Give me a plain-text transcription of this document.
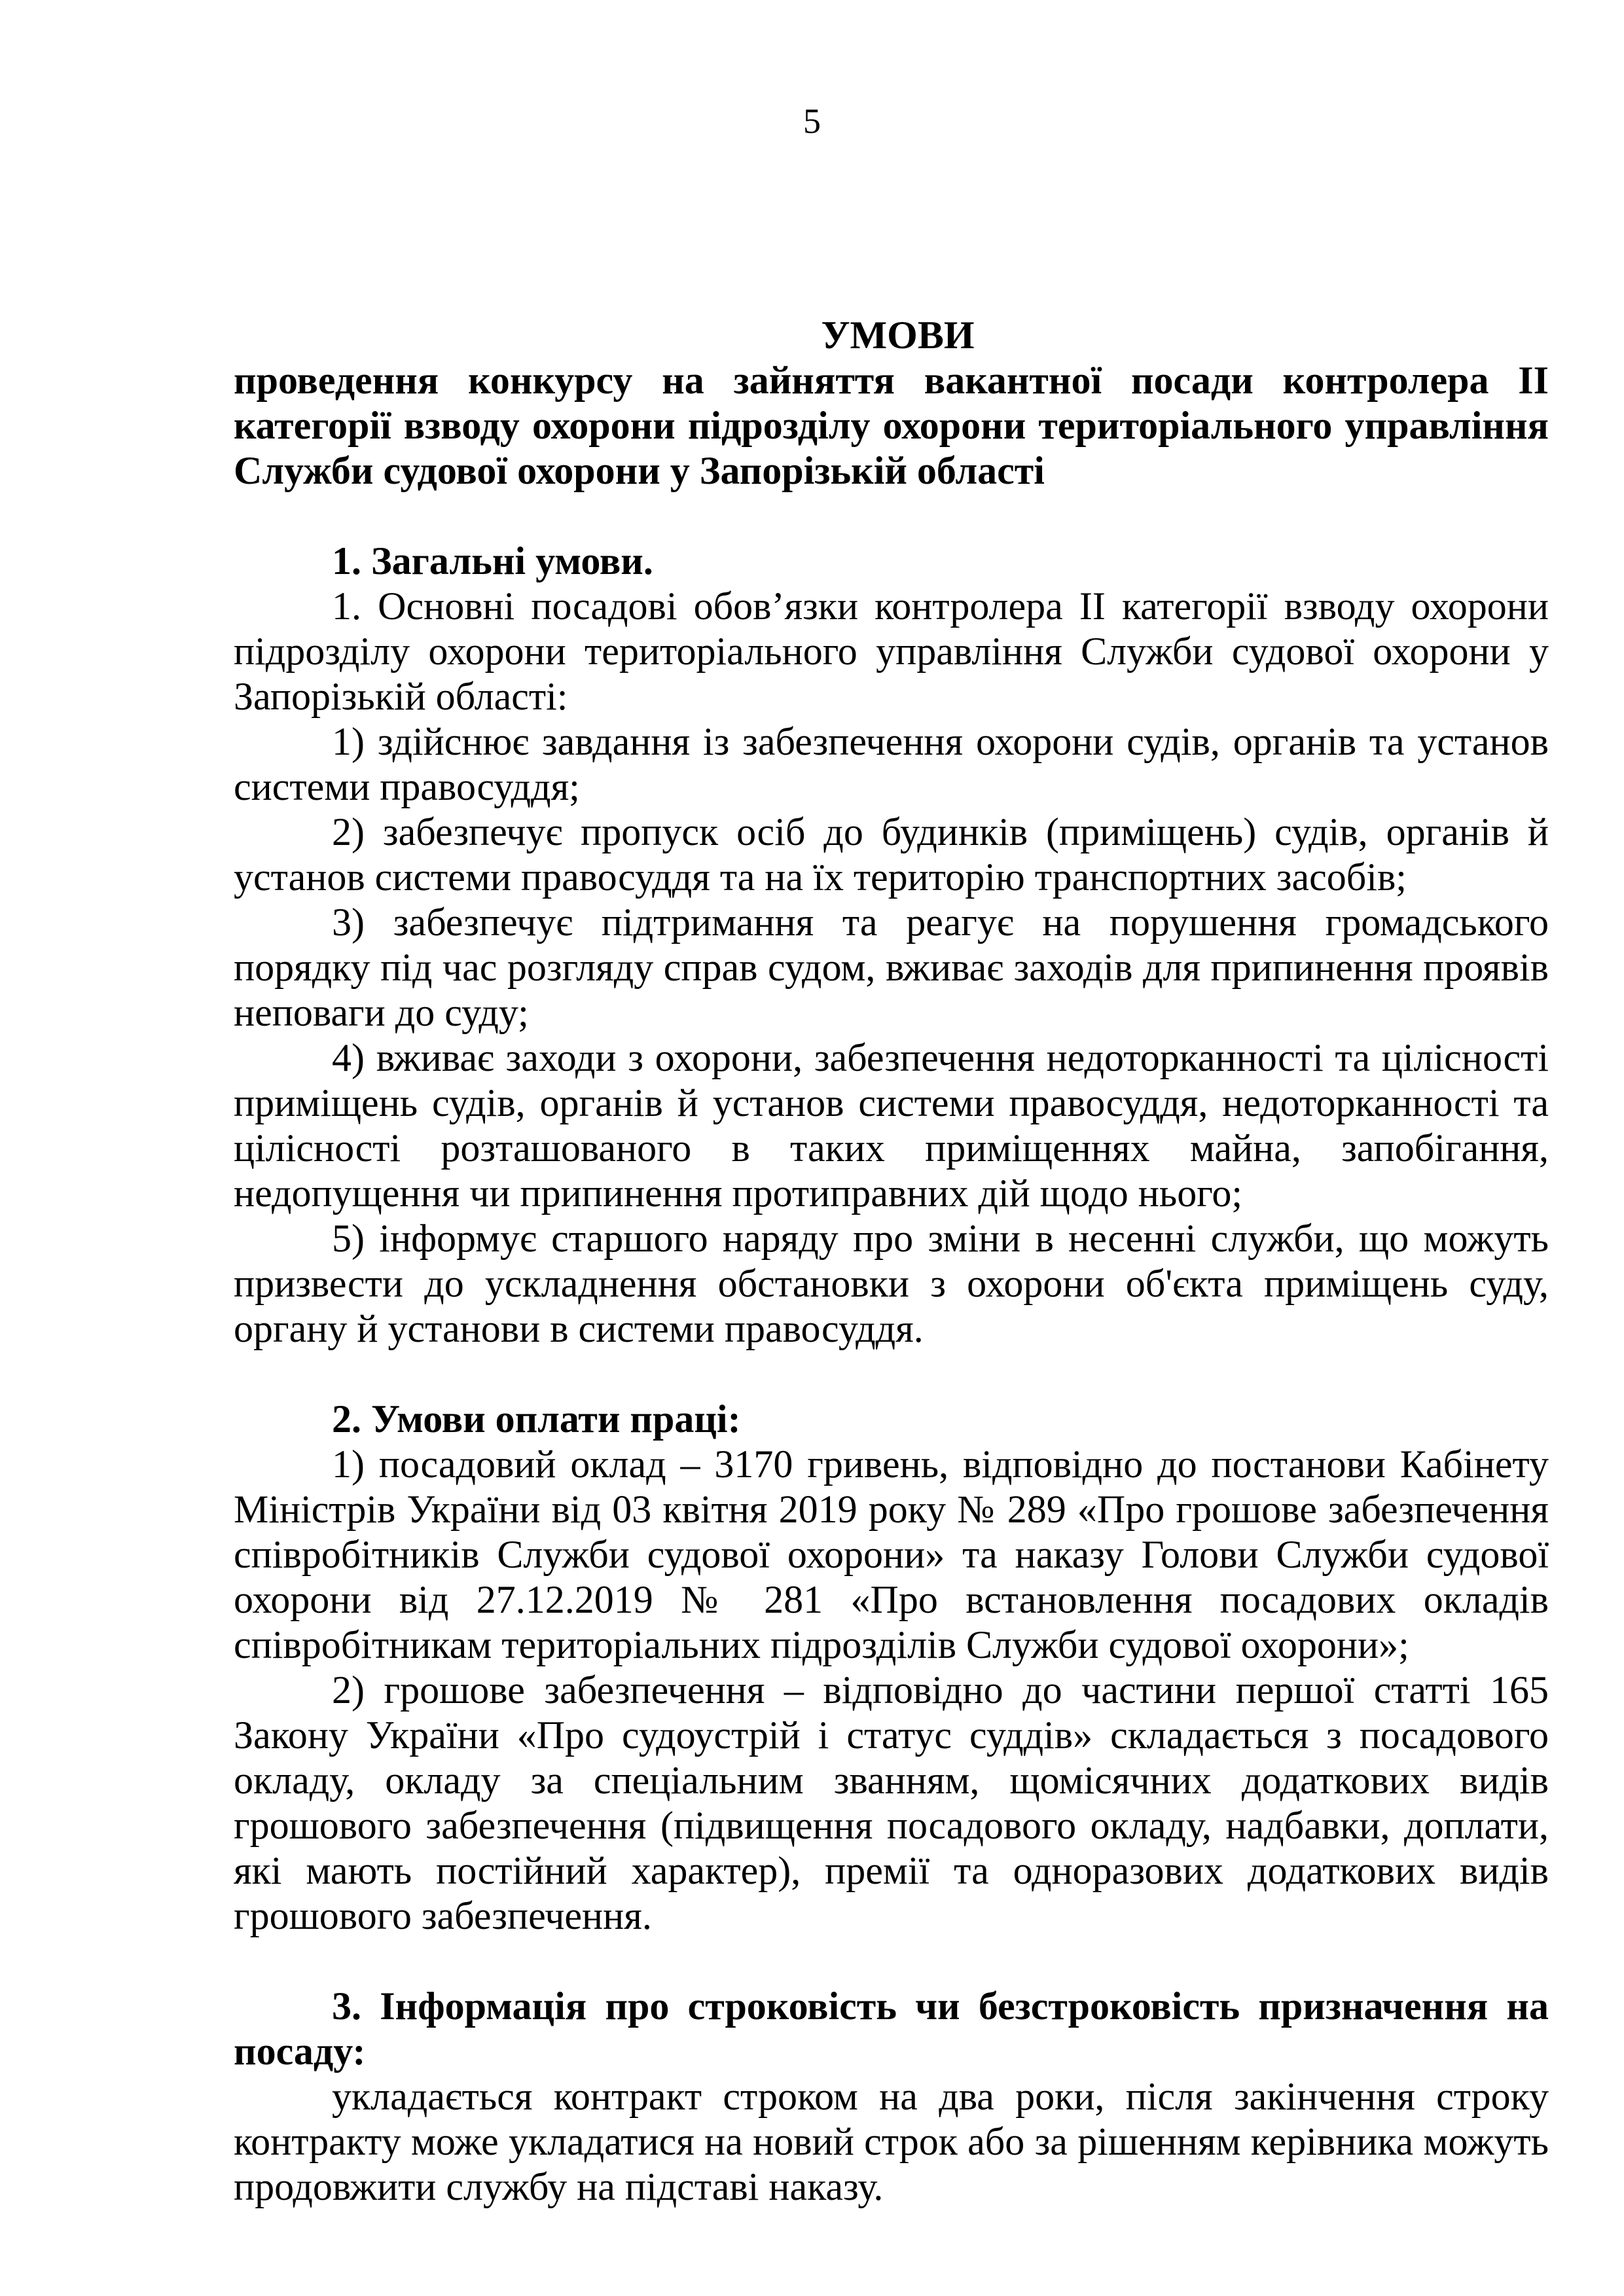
5

УМОВИ

проведення конкурсу на зайняття вакантної посади контролера ІІ категорії взводу охорони підрозділу охорони територіального управління Служби судової охорони у Запорізькій області

1. Загальні умови.

1. Основні посадові обов’язки контролера ІІ категорії взводу охорони підрозділу охорони територіального управління Служби судової охорони у Запорізькій області:

1) здійснює завдання із забезпечення охорони судів, органів та установ системи правосуддя;

2) забезпечує пропуск осіб до будинків (приміщень) судів, органів й установ системи правосуддя та на їх територію транспортних засобів;

3) забезпечує підтримання та реагує на порушення громадського порядку під час розгляду справ судом, вживає заходів для припинення проявів неповаги до суду;

4) вживає заходи з охорони, забезпечення недоторканності та цілісності приміщень судів, органів й установ системи правосуддя, недоторканності та цілісності розташованого в таких приміщеннях майна, запобігання, недопущення чи припинення протиправних дій щодо нього;

5) інформує старшого наряду про зміни в несенні служби, що можуть призвести до ускладнення обстановки з охорони об'єкта приміщень суду, органу й установи в системи правосуддя.

2. Умови оплати праці:

1) посадовий оклад – 3170 гривень, відповідно до постанови Кабінету Міністрів України від 03 квітня 2019 року № 289 «Про грошове забезпечення співробітників Служби судової охорони» та наказу Голови Служби судової охорони від 27.12.2019 № 281 «Про встановлення посадових окладів співробітникам територіальних підрозділів Служби судової охорони»;

2) грошове забезпечення – відповідно до частини першої статті 165 Закону України «Про судоустрій і статус суддів» складається з посадового окладу, окладу за спеціальним званням, щомісячних додаткових видів грошового забезпечення (підвищення посадового окладу, надбавки, доплати, які мають постійний характер), премії та одноразових додаткових видів грошового забезпечення.

3. Інформація про строковість чи безстроковість призначення на посаду:

укладається контракт строком на два роки, після закінчення строку контракту може укладатися на новий строк або за рішенням керівника можуть продовжити службу на підставі наказу.
